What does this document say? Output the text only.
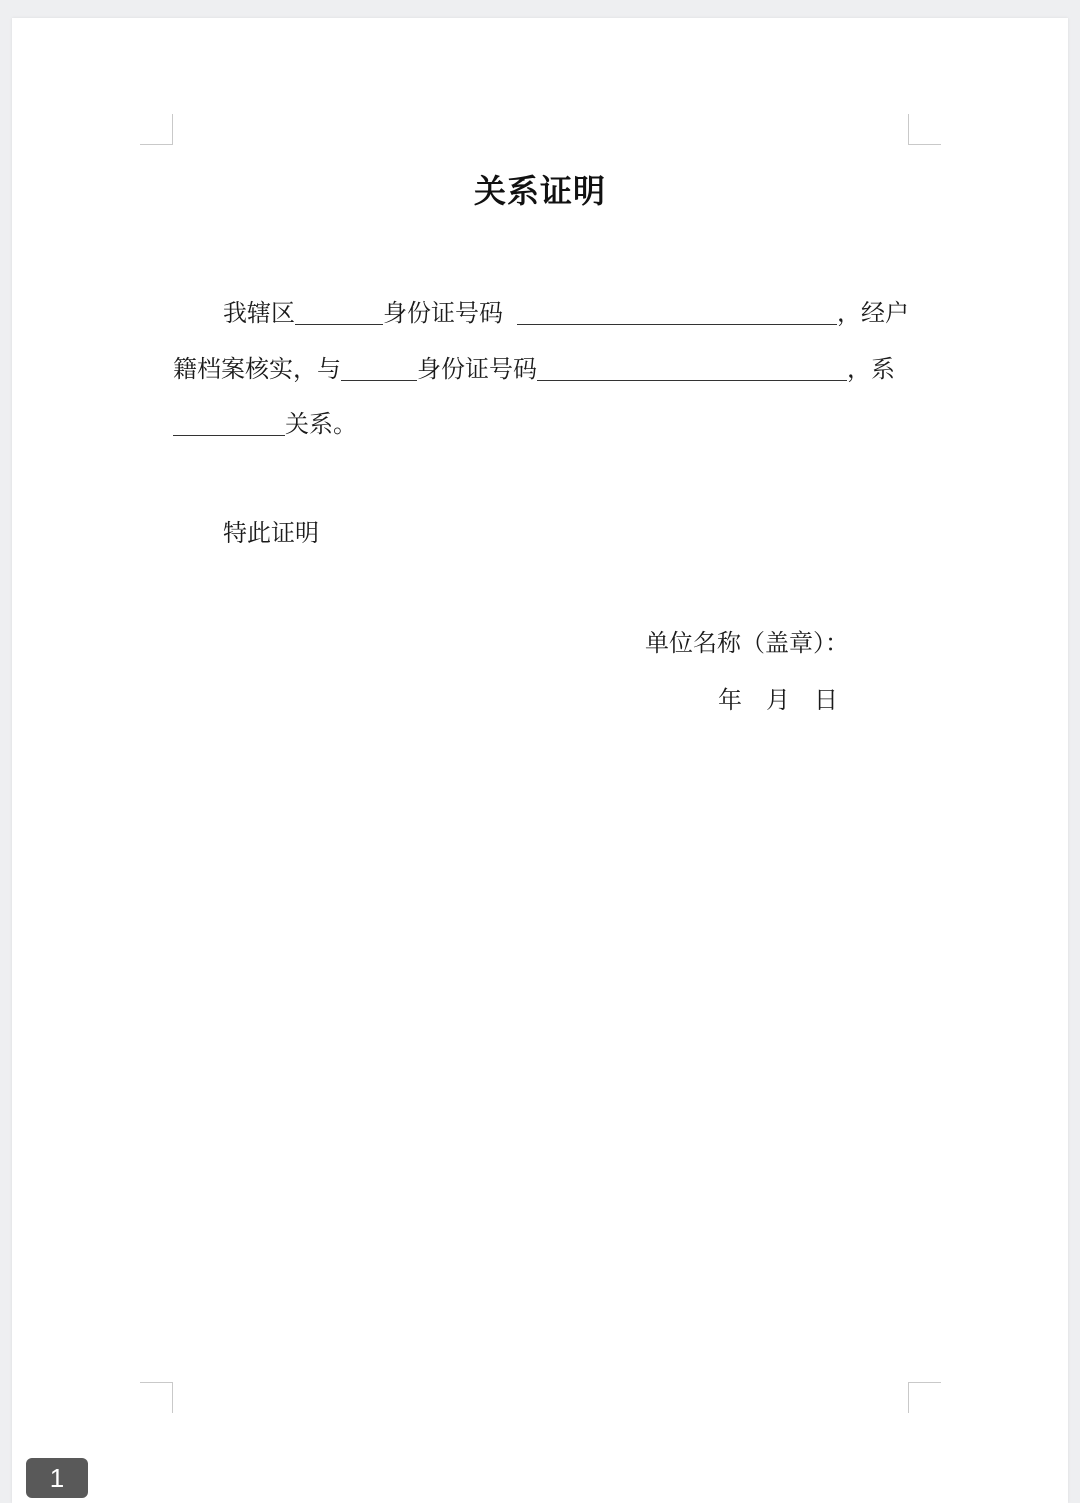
关系证明
我辖区	身份证号码	，经户
籍档案核实，与	身份证号码	，系
关系。
特此证明
单位名称（盖章）：
年　月　日
1
